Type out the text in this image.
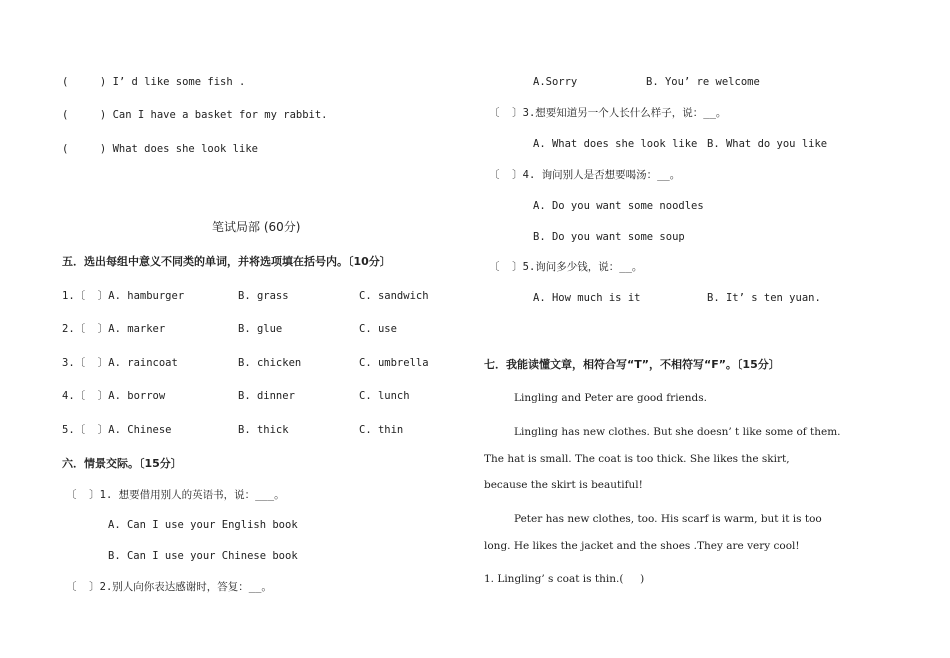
(     ) I’ d like some fish .
(     ) Can I have a basket for my rabbit.
(     ) What does she look like
笔试局部 (60分)
五．选出每组中意义不同类的单词，并将选项填在括号内。〔10分〕
1.〔  〕A. hamburger	B. grass	C. sandwich
2.〔  〕A. marker	B. glue	C. use
3.〔  〕A. raincoat	B. chicken	C. umbrella
4.〔  〕A. borrow	B. dinner	C. lunch
5.〔  〕A. Chinese	B. thick	C. thin
六．情景交际。〔15分〕
〔  〕1. 想要借用别人的英语书，说：___。
A. Can I use your English book
B. Can I use your Chinese book
〔  〕2.别人向你表达感谢时，答复：__。
A.Sorry	B. You’ re welcome
〔  〕3.想要知道另一个人长什么样子，说：__。
A. What does she look like B. What do you like
〔  〕4. 询问别人是否想要喝汤：__。
A. Do you want some noodles
B. Do you want some soup
〔  〕5.询问多少钱，说：__。
A. How much is it	B. It’ s ten yuan.
七．我能读懂文章，相符合写“T”，不相符写“F”。〔15分〕
Lingling and Peter are good friends.
Lingling has new clothes. But she doesn’ t like some of them.
The hat is small. The coat is too thick. She likes the skirt,
because the skirt is beautiful!
Peter has new clothes, too. His scarf is warm, but it is too
long. He likes the jacket and the shoes .They are very cool!
1. Lingling’ s coat is thin.(     )
